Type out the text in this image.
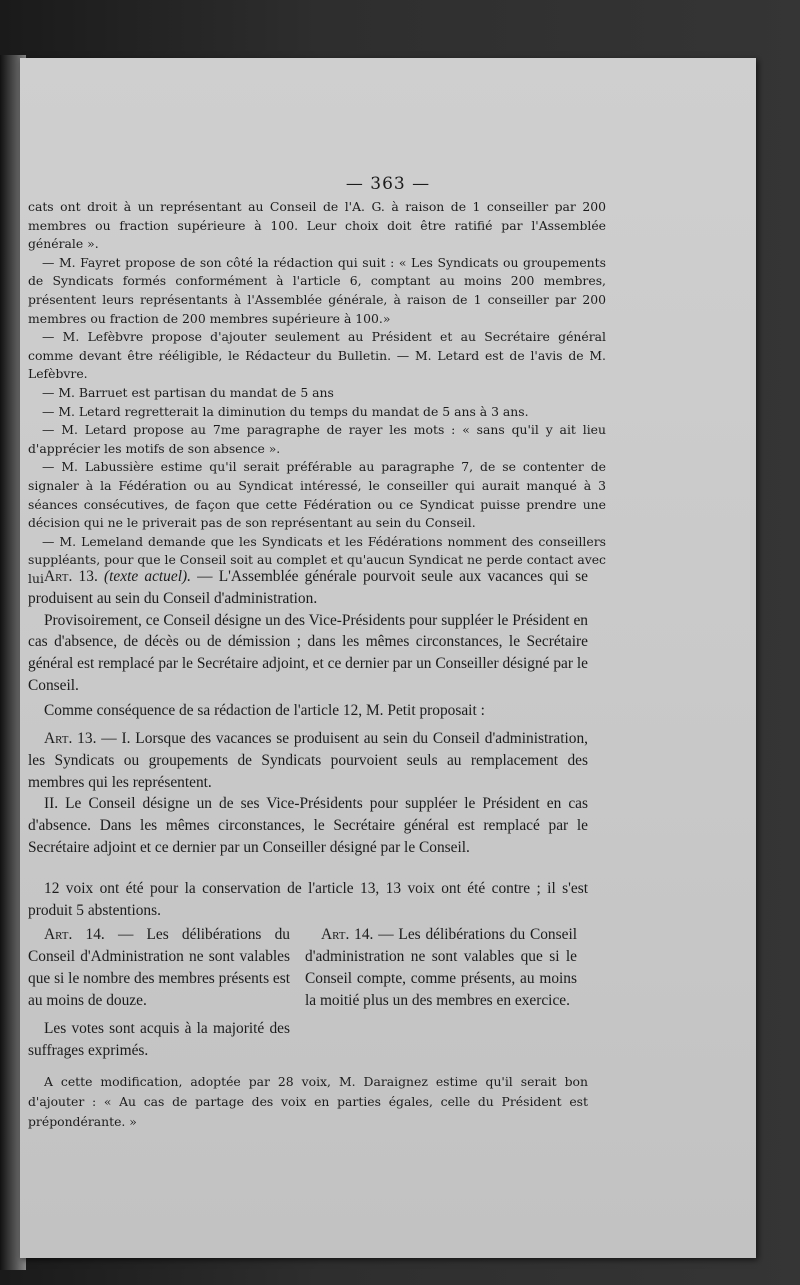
— 363 —

cats ont droit à un représentant au Conseil de l'A. G. à raison de 1 conseiller par 200 membres ou fraction supérieure à 100. Leur choix doit être ratifié par l'Assemblée générale ».

— M. Fayret propose de son côté la rédaction qui suit : « Les Syndicats ou groupements de Syndicats formés conformément à l'article 6, comptant au moins 200 membres, présentent leurs représentants à l'Assemblée générale, à raison de 1 conseiller par 200 membres ou fraction de 200 membres supérieure à 100.»

— M. Lefèbvre propose d'ajouter seulement au Président et au Secrétaire général comme devant être rééligible, le Rédacteur du Bulletin. — M. Letard est de l'avis de M. Lefèbvre.

— M. Barruet est partisan du mandat de 5 ans

— M. Letard regretterait la diminution du temps du mandat de 5 ans à 3 ans.

— M. Letard propose au 7me paragraphe de rayer les mots : « sans qu'il y ait lieu d'apprécier les motifs de son absence ».

— M. Labussière estime qu'il serait préférable au paragraphe 7, de se contenter de signaler à la Fédération ou au Syndicat intéressé, le conseiller qui aurait manqué à 3 séances consécutives, de façon que cette Fédération ou ce Syndicat puisse prendre une décision qui ne le priverait pas de son représentant au sein du Conseil.

— M. Lemeland demande que les Syndicats et les Fédérations nomment des conseillers suppléants, pour que le Conseil soit au complet et qu'aucun Syndicat ne perde contact avec lui Art. 13. (texte actuel). — L'Assemblée générale pourvoit seule aux vacances qui se produisent au sein du Conseil d'administration.

Provisoirement, ce Conseil désigne un des Vice-Présidents pour suppléer le Président en cas d'absence, de décès ou de démission ; dans les mêmes circonstances, le Secrétaire général est remplacé par le Secrétaire adjoint, et ce dernier par un Conseiller désigné par le Conseil.

Comme conséquence de sa rédaction de l'article 12, M. Petit proposait :

Art. 13. — I. Lorsque des vacances se produisent au sein du Conseil d'administration, les Syndicats ou groupements de Syndicats pourvoient seuls au remplacement des membres qui les représentent.

II. Le Conseil désigne un de ses Vice-Présidents pour suppléer le Président en cas d'absence. Dans les mêmes circonstances, le Secrétaire général est remplacé par le Secrétaire adjoint et ce dernier par un Conseiller désigné par le Conseil.

12 voix ont été pour la conservation de l'article 13, 13 voix ont été contre ; il s'est produit 5 abstentions.

Art. 14. — Les délibérations du Conseil d'Administration ne sont valables que si le nombre des membres présents est au moins de douze.

Les votes sont acquis à la majorité des suffrages exprimés.

Art. 14. — Les délibérations du Conseil d'administration ne sont valables que si le Conseil compte, comme présents, au moins la moitié plus un des membres en exercice.

A cette modification, adoptée par 28 voix, M. Daraignez estime qu'il serait bon d'ajouter : « Au cas de partage des voix en parties égales, celle du Président est prépondérante. »
